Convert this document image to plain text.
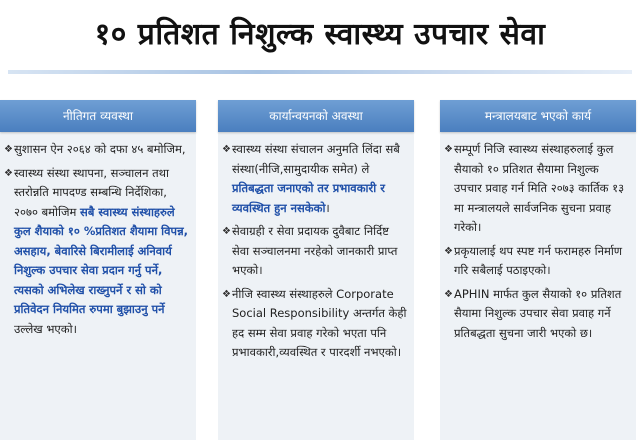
१० प्रतिशत निशुल्क स्वास्थ्य उपचार सेवा
नीतिगत व्यवस्था
❖ सुशासन ऐन २०६४ को दफा ४५ बमोजिम,
❖ स्वास्थ्य संस्था स्थापना, सञ्चालन तथा स्तरोन्नति मापदण्ड सम्बन्धि निर्देशिका, २०७० बमोजिम सबै स्वास्थ्य संस्थाहरुले कुल शैयाको १० %प्रतिशत शैयामा विपन्न, असहाय, बेवारिसे बिरामीलाई अनिवार्य निशुल्क उपचार सेवा प्रदान गर्नु पर्ने, त्यसको अभिलेख राख्नुपर्ने र सो को प्रतिवेदन नियमित रुपमा बुझाउनु पर्ने उल्लेख भएको।
कार्यान्वयनको अवस्था
❖ स्वास्थ्य संस्था संचालन अनुमति लिंदा सबै संस्था(नीजि,सामुदायीक समेत) ले प्रतिबद्धता जनाएको तर प्रभावकारी र व्यवस्थित हुन नसकेको।
❖ सेवाग्रही र सेवा प्रदायक दुवैबाट निर्दिष्ट सेवा सञ्चालनमा नरहेको जानकारी प्राप्त भएको।
❖ नीजि स्वास्थ्य संस्थाहरुले Corporate Social Responsibility अन्तर्गत केही हद सम्म सेवा प्रवाह गरेको भएता पनि प्रभावकारी,व्यवस्थित र पारदर्शी नभएको।
मन्त्रालयबाट भएको कार्य
❖ सम्पूर्ण निजि स्वास्थ्य संस्थाहरुलाई कुल सैयाको १० प्रतिशत सैयामा निशुल्क उपचार प्रवाह गर्न मिति २०७३ कार्तिक १३ मा मन्त्रालयले सार्वजनिक सुचना प्रवाह गरेको।
❖ प्रकृयालाई थप स्पष्ट गर्न फरामहरु निर्माण गरि सबैलाई पठाइएको।
❖ APHIN मार्फत कुल सैयाको १० प्रतिशत सैयामा निशुल्क उपचार सेवा प्रवाह गर्ने प्रतिबद्धता सुचना जारी भएको छ।
